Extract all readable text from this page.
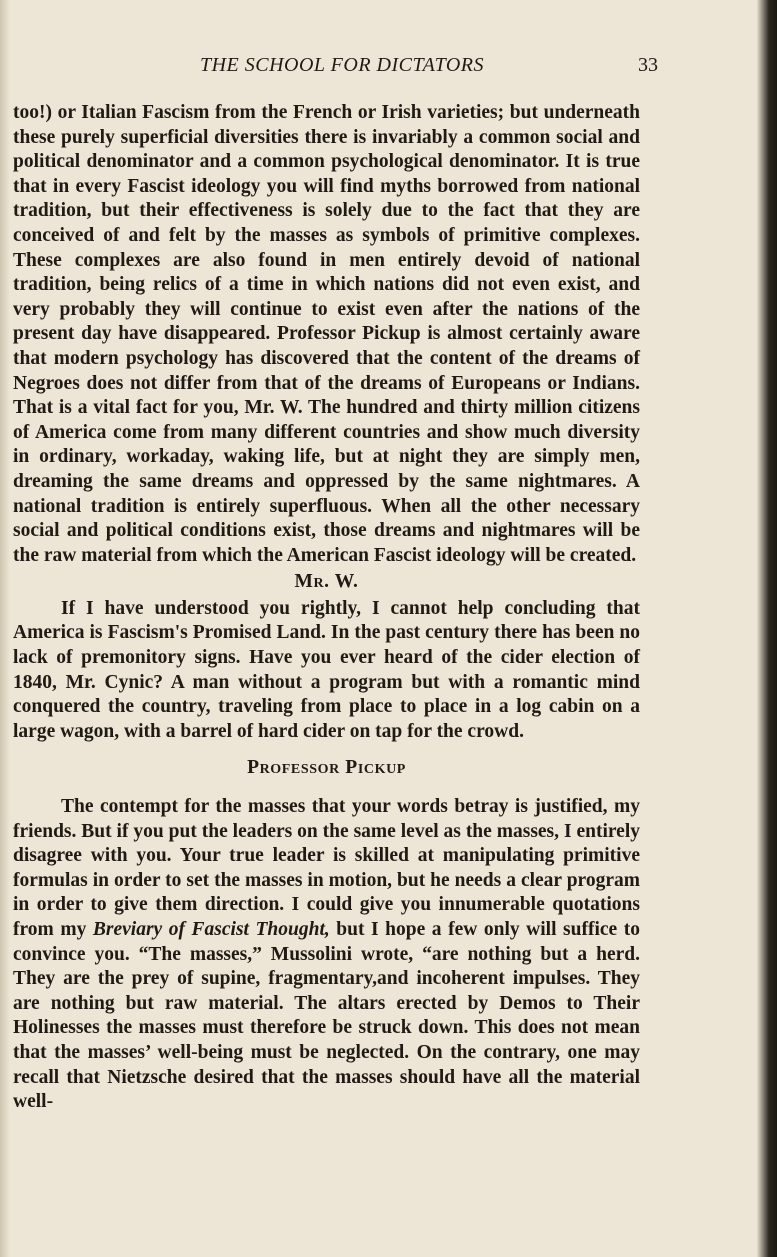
THE SCHOOL FOR DICTATORS	33

too!) or Italian Fascism from the French or Irish varieties; but underneath these purely superficial diversities there is invariably a common social and political denominator and a common psychological denominator. It is true that in every Fascist ideology you will find myths borrowed from national tradition, but their effectiveness is solely due to the fact that they are conceived of and felt by the masses as symbols of primitive complexes. These complexes are also found in men entirely devoid of national tradition, being relics of a time in which nations did not even exist, and very probably they will continue to exist even after the nations of the present day have disappeared. Professor Pickup is almost certainly aware that modern psychology has discovered that the content of the dreams of Negroes does not differ from that of the dreams of Europeans or Indians. That is a vital fact for you, Mr. W. The hundred and thirty million citizens of America come from many different countries and show much diversity in ordinary, workaday, waking life, but at night they are simply men, dreaming the same dreams and oppressed by the same nightmares. A national tradition is entirely superfluous. When all the other necessary social and political conditions exist, those dreams and nightmares will be the raw material from which the American Fascist ideology will be created.

Mr. W.

If I have understood you rightly, I cannot help concluding that America is Fascism's Promised Land. In the past century there has been no lack of premonitory signs. Have you ever heard of the cider election of 1840, Mr. Cynic? A man without a program but with a romantic mind conquered the country, traveling from place to place in a log cabin on a large wagon, with a barrel of hard cider on tap for the crowd.

Professor Pickup

The contempt for the masses that your words betray is justified, my friends. But if you put the leaders on the same level as the masses, I entirely disagree with you. Your true leader is skilled at manipulating primitive formulas in order to set the masses in motion, but he needs a clear program in order to give them direction. I could give you innumerable quotations from my Breviary of Fascist Thought, but I hope a few only will suffice to convince you. “The masses,” Mussolini wrote, “are nothing but a herd. They are the prey of supine, fragmentary,and incoherent impulses. They are nothing but raw material. The altars erected by Demos to Their Holinesses the masses must therefore be struck down. This does not mean that the masses’ well-being must be neglected. On the contrary, one may recall that Nietzsche desired that the masses should have all the material well-
